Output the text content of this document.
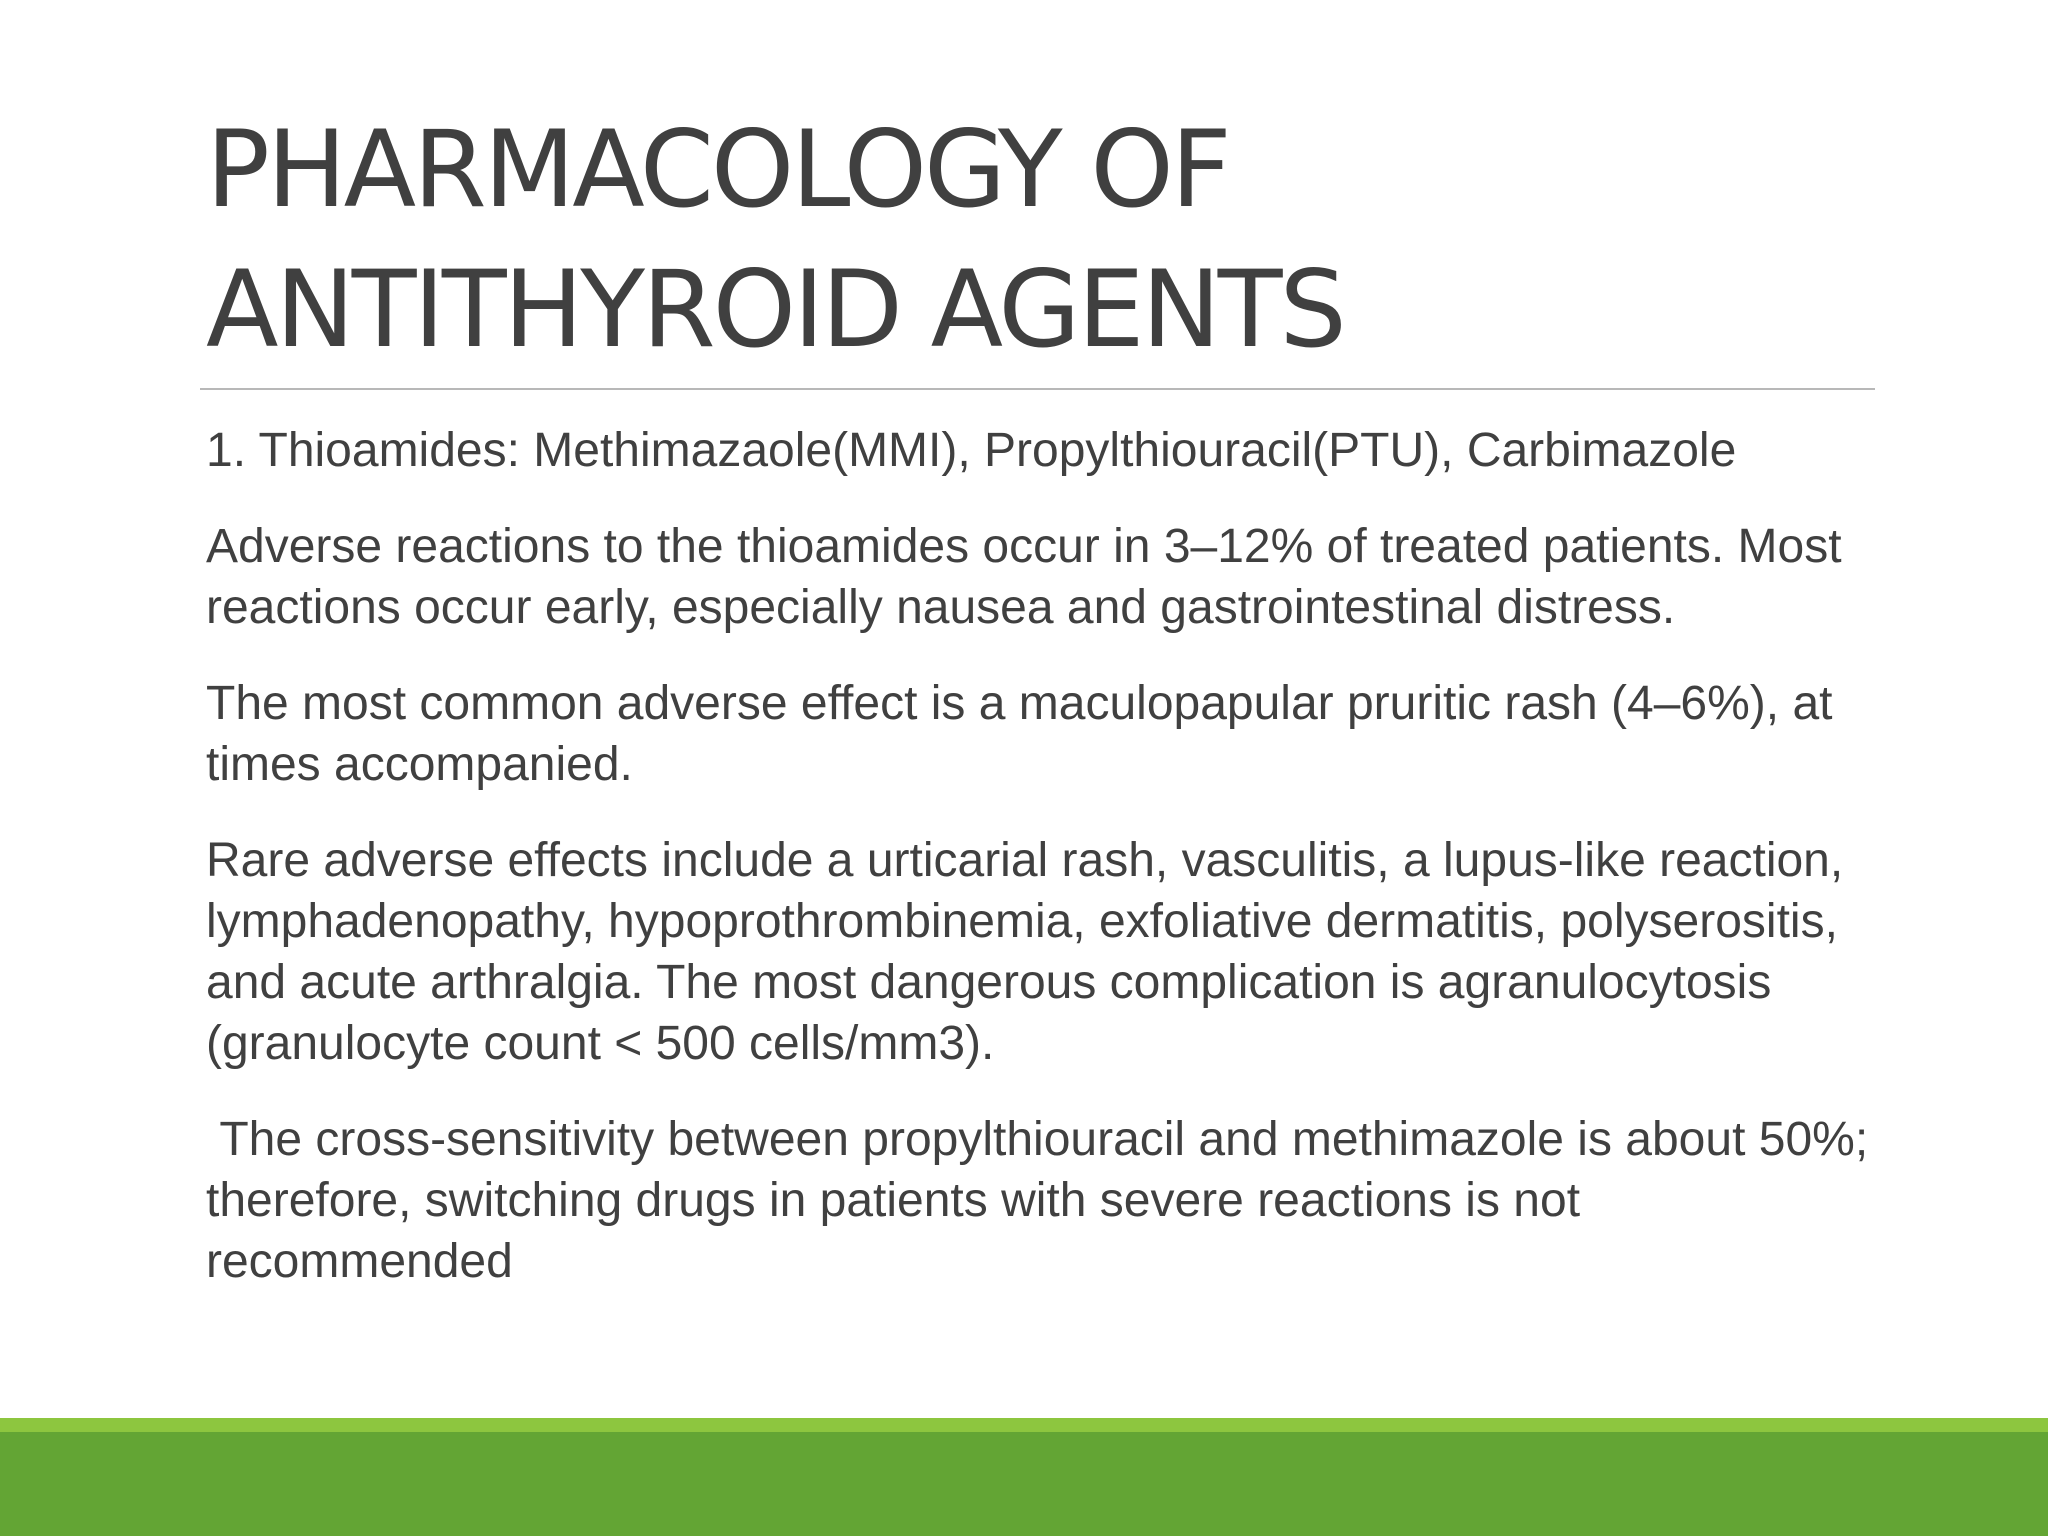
PHARMACOLOGY OF
ANTITHYROID AGENTS

1. Thioamides: Methimazaole(MMI), Propylthiouracil(PTU), Carbimazole

Adverse reactions to the thioamides occur in 3–12% of treated patients. Most reactions occur early, especially nausea and gastrointestinal distress.

The most common adverse effect is a maculopapular pruritic rash (4–6%), at times accompanied.

Rare adverse effects include a urticarial rash, vasculitis, a lupus-like reaction, lymphadenopathy, hypoprothrombinemia, exfoliative dermatitis, polyserositis, and acute arthralgia. The most dangerous complication is agranulocytosis (granulocyte count < 500 cells/mm3).

The cross-sensitivity between propylthiouracil and methimazole is about 50%; therefore, switching drugs in patients with severe reactions is not recommended
